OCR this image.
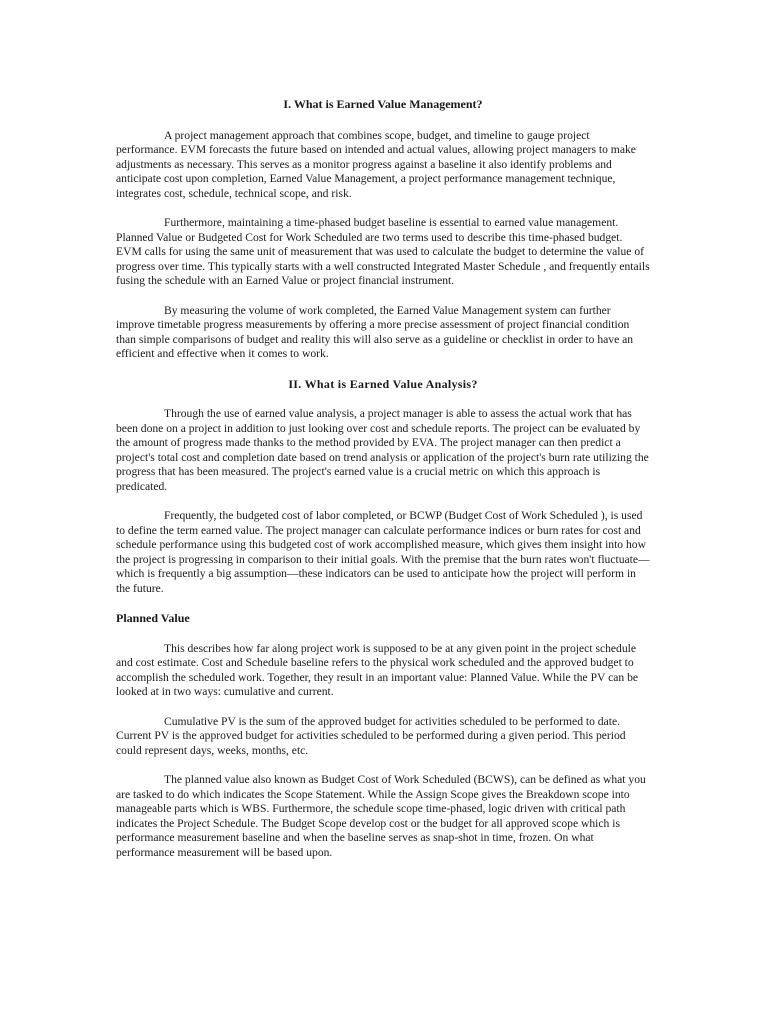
I. What is Earned Value Management?

A project management approach that combines scope, budget, and timeline to gauge project performance. EVM forecasts the future based on intended and actual values, allowing project managers to make adjustments as necessary. This serves as a monitor progress against a baseline it also identify problems and anticipate cost upon completion, Earned Value Management, a project performance management technique, integrates cost, schedule, technical scope, and risk.

Furthermore, maintaining a time-phased budget baseline is essential to earned value management. Planned Value or Budgeted Cost for Work Scheduled are two terms used to describe this time-phased budget. EVM calls for using the same unit of measurement that was used to calculate the budget to determine the value of progress over time. This typically starts with a well constructed Integrated Master Schedule , and frequently entails fusing the schedule with an Earned Value or project financial instrument.

By measuring the volume of work completed, the Earned Value Management system can further improve timetable progress measurements by offering a more precise assessment of project financial condition than simple comparisons of budget and reality this will also serve as a guideline or checklist in order to have an efficient and effective when it comes to work.

II. What is Earned Value Analysis?

Through the use of earned value analysis, a project manager is able to assess the actual work that has been done on a project in addition to just looking over cost and schedule reports. The project can be evaluated by the amount of progress made thanks to the method provided by EVA. The project manager can then predict a project's total cost and completion date based on trend analysis or application of the project's burn rate utilizing the progress that has been measured. The project's earned value is a crucial metric on which this approach is predicated.

Frequently, the budgeted cost of labor completed, or BCWP (Budget Cost of Work Scheduled ), is used to define the term earned value. The project manager can calculate performance indices or burn rates for cost and schedule performance using this budgeted cost of work accomplished measure, which gives them insight into how the project is progressing in comparison to their initial goals. With the premise that the burn rates won't fluctuate—which is frequently a big assumption—these indicators can be used to anticipate how the project will perform in the future.

Planned Value

This describes how far along project work is supposed to be at any given point in the project schedule and cost estimate. Cost and Schedule baseline refers to the physical work scheduled and the approved budget to accomplish the scheduled work. Together, they result in an important value: Planned Value. While the PV can be looked at in two ways: cumulative and current.

Cumulative PV is the sum of the approved budget for activities scheduled to be performed to date. Current PV is the approved budget for activities scheduled to be performed during a given period. This period could represent days, weeks, months, etc.

The planned value also known as Budget Cost of Work Scheduled (BCWS), can be defined as what you are tasked to do which indicates the Scope Statement. While the Assign Scope gives the Breakdown scope into manageable parts which is WBS. Furthermore, the schedule scope time-phased, logic driven with critical path indicates the Project Schedule. The Budget Scope develop cost or the budget for all approved scope which is performance measurement baseline and when the baseline serves as snap-shot in time, frozen. On what performance measurement will be based upon.
